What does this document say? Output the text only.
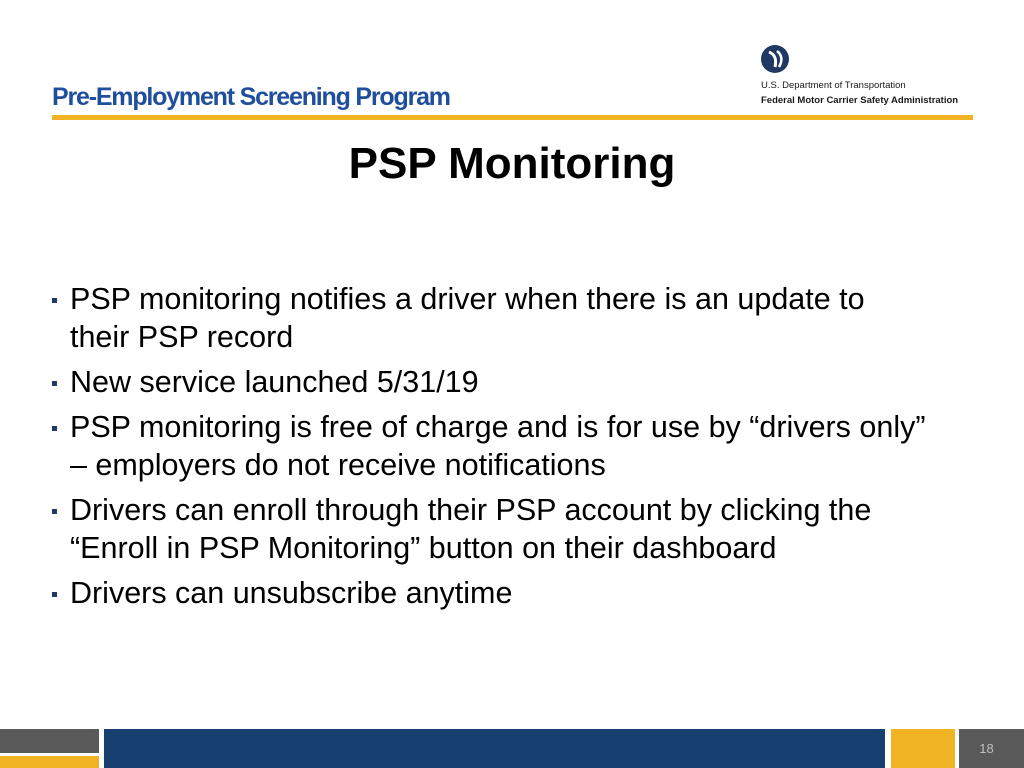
Pre-Employment Screening Program	U.S. Department of Transportation
Federal Motor Carrier Safety Administration
PSP Monitoring
PSP monitoring notifies a driver when there is an update to their PSP record
New service launched 5/31/19
PSP monitoring is free of charge and is for use by “drivers only” – employers do not receive notifications
Drivers can enroll through their PSP account by clicking the “Enroll in PSP Monitoring” button on their dashboard
Drivers can unsubscribe anytime
18
